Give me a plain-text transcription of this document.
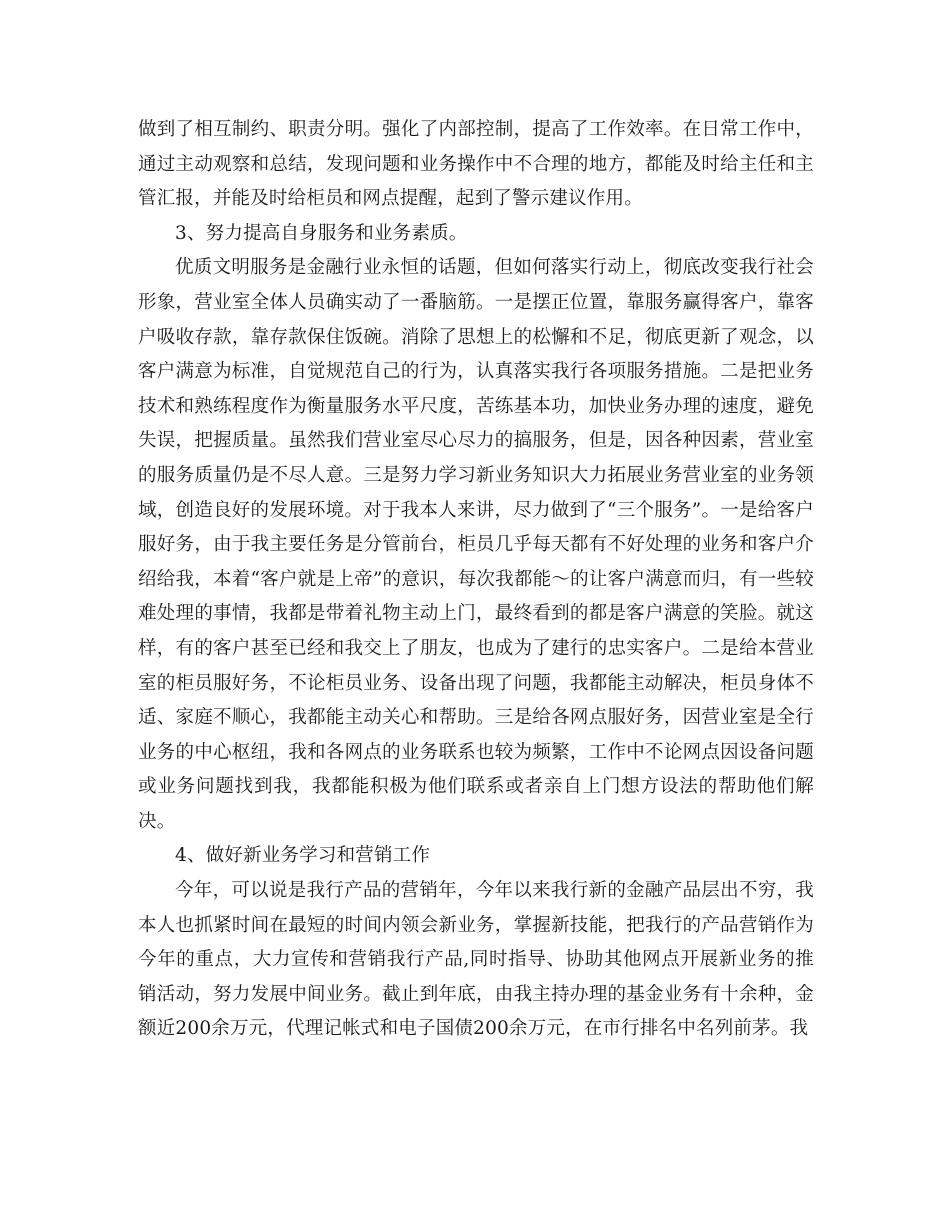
做到了相互制约、职责分明。强化了内部控制，提高了工作效率。在日常工作中，通过主动观察和总结，发现问题和业务操作中不合理的地方，都能及时给主任和主管汇报，并能及时给柜员和网点提醒，起到了警示建议作用。

3、努力提高自身服务和业务素质。

优质文明服务是金融行业永恒的话题，但如何落实行动上，彻底改变我行社会形象，营业室全体人员确实动了一番脑筋。一是摆正位置，靠服务赢得客户，靠客户吸收存款，靠存款保住饭碗。消除了思想上的松懈和不足，彻底更新了观念，以客户满意为标准，自觉规范自己的行为，认真落实我行各项服务措施。二是把业务技术和熟练程度作为衡量服务水平尺度，苦练基本功，加快业务办理的速度，避免失误，把握质量。虽然我们营业室尽心尽力的搞服务，但是，因各种因素，营业室的服务质量仍是不尽人意。三是努力学习新业务知识大力拓展业务营业室的业务领域，创造良好的发展环境。对于我本人来讲，尽力做到了“三个服务”。一是给客户服好务，由于我主要任务是分管前台，柜员几乎每天都有不好处理的业务和客户介绍给我，本着“客户就是上帝”的意识，每次我都能～的让客户满意而归，有一些较难处理的事情，我都是带着礼物主动上门，最终看到的都是客户满意的笑脸。就这样，有的客户甚至已经和我交上了朋友，也成为了建行的忠实客户。二是给本营业室的柜员服好务，不论柜员业务、设备出现了问题，我都能主动解决，柜员身体不适、家庭不顺心，我都能主动关心和帮助。三是给各网点服好务，因营业室是全行业务的中心枢纽，我和各网点的业务联系也较为频繁，工作中不论网点因设备问题或业务问题找到我，我都能积极为他们联系或者亲自上门想方设法的帮助他们解决。

4、做好新业务学习和营销工作

今年，可以说是我行产品的营销年，今年以来我行新的金融产品层出不穷，我本人也抓紧时间在最短的时间内领会新业务，掌握新技能，把我行的产品营销作为今年的重点，大力宣传和营销我行产品,同时指导、协助其他网点开展新业务的推销活动，努力发展中间业务。截止到年底，由我主持办理的基金业务有十余种，金额近200余万元，代理记帐式和电子国债200余万元，在市行排名中名列前茅。我
